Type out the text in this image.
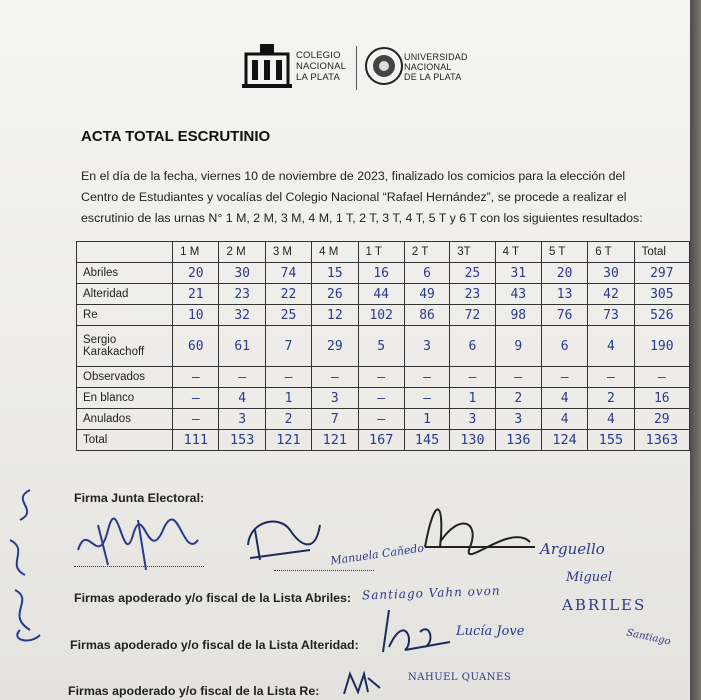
COLEGIO
NACIONAL
LA PLATA
UNIVERSIDAD
NACIONAL
DE LA PLATA
ACTA TOTAL ESCRUTINIO
En el día de la fecha, viernes 10 de noviembre de 2023, finalizado los comicios para la elección del
Centro de Estudiantes y vocalías del Colegio Nacional “Rafael Hernández”, se procede a realizar el
escrutinio de las urnas N° 1 M, 2 M, 3 M, 4 M, 1 T, 2 T, 3 T, 4 T, 5 T y 6 T con los siguientes resultados:
	1 M	2 M	3 M	4 M	1 T	2 T	3T	4 T	5 T	6 T	Total
Abriles	20	30	74	15	16	6	25	31	20	30	297
Alteridad	21	23	22	26	44	49	23	43	13	42	305
Re	10	32	25	12	102	86	72	98	76	73	526
Sergio Karakachoff	60	61	7	29	5	3	6	9	6	4	190
Observados	—	—	—	—	—	—	—	—	—	—	—
En blanco	—	4	1	3	—	—	1	2	4	2	16
Anulados	—	3	2	7	—	1	3	3	4	4	29
Total	111	153	121	121	167	145	130	136	124	155	1363
Firma Junta Electoral:
Manuela Cañedo	Arguello
Miguel
Firmas apoderado y/o fiscal de la Lista Abriles: Santiago Vahn ovon
ABRILES
Santiago
Firmas apoderado y/o fiscal de la Lista Alteridad:
Lucía Jove
Firmas apoderado y/o fiscal de la Lista Re:
NAHUEL QUANES
